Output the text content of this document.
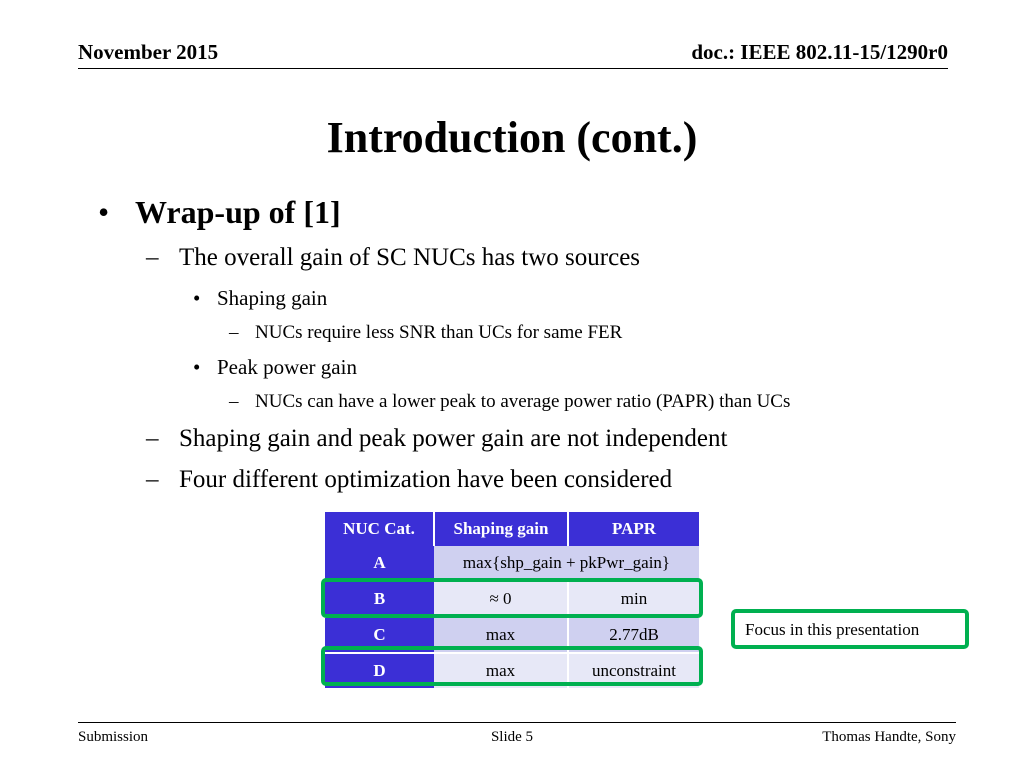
November 2015	doc.: IEEE 802.11-15/1290r0
Introduction (cont.)
• Wrap-up of [1]
– The overall gain of SC NUCs has two sources
• Shaping gain
– NUCs require less SNR than UCs for same FER
• Peak power gain
– NUCs can have a lower peak to average power ratio (PAPR) than UCs
– Shaping gain and peak power gain are not independent
– Four different optimization have been considered
NUC Cat.	Shaping gain	PAPR
A	max{shp_gain + pkPwr_gain}	
B	≈ 0	min
C	max	2.77dB
D	max	unconstraint
Focus in this presentation
Submission	Slide 5	Thomas Handte, Sony
